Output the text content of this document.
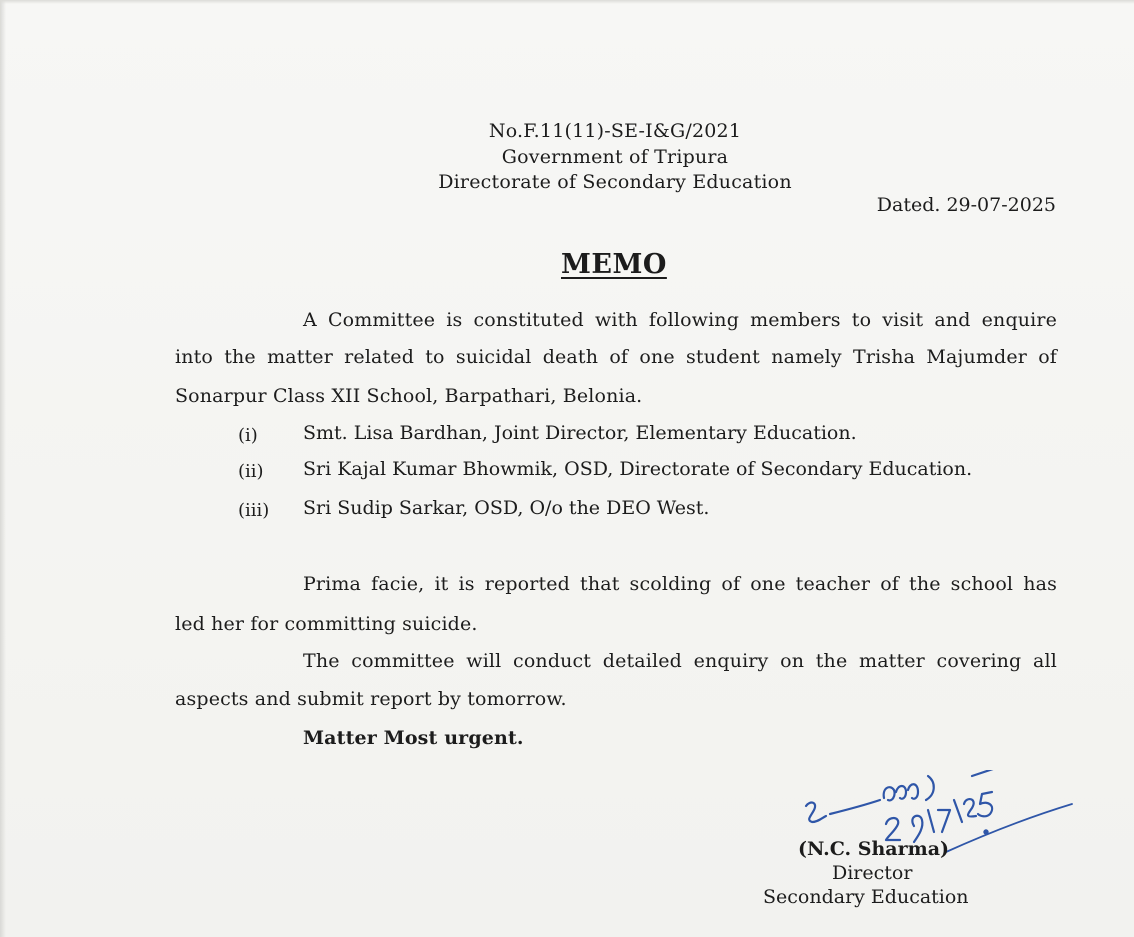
No.F.11(11)-SE-I&G/2021
Government of Tripura
Directorate of Secondary Education
Dated. 29-07-2025
MEMO
A Committee is constituted with following members to visit and enquire
into the matter related to suicidal death of one student namely Trisha Majumder of
Sonarpur Class XII School, Barpathari, Belonia.
(i) Smt. Lisa Bardhan, Joint Director, Elementary Education.
(ii) Sri Kajal Kumar Bhowmik, OSD, Directorate of Secondary Education.
(iii) Sri Sudip Sarkar, OSD, O/o the DEO West.
Prima facie, it is reported that scolding of one teacher of the school has
led her for committing suicide.
The committee will conduct detailed enquiry on the matter covering all
aspects and submit report by tomorrow.
Matter Most urgent.
(N.C. Sharma)
Director
Secondary Education
